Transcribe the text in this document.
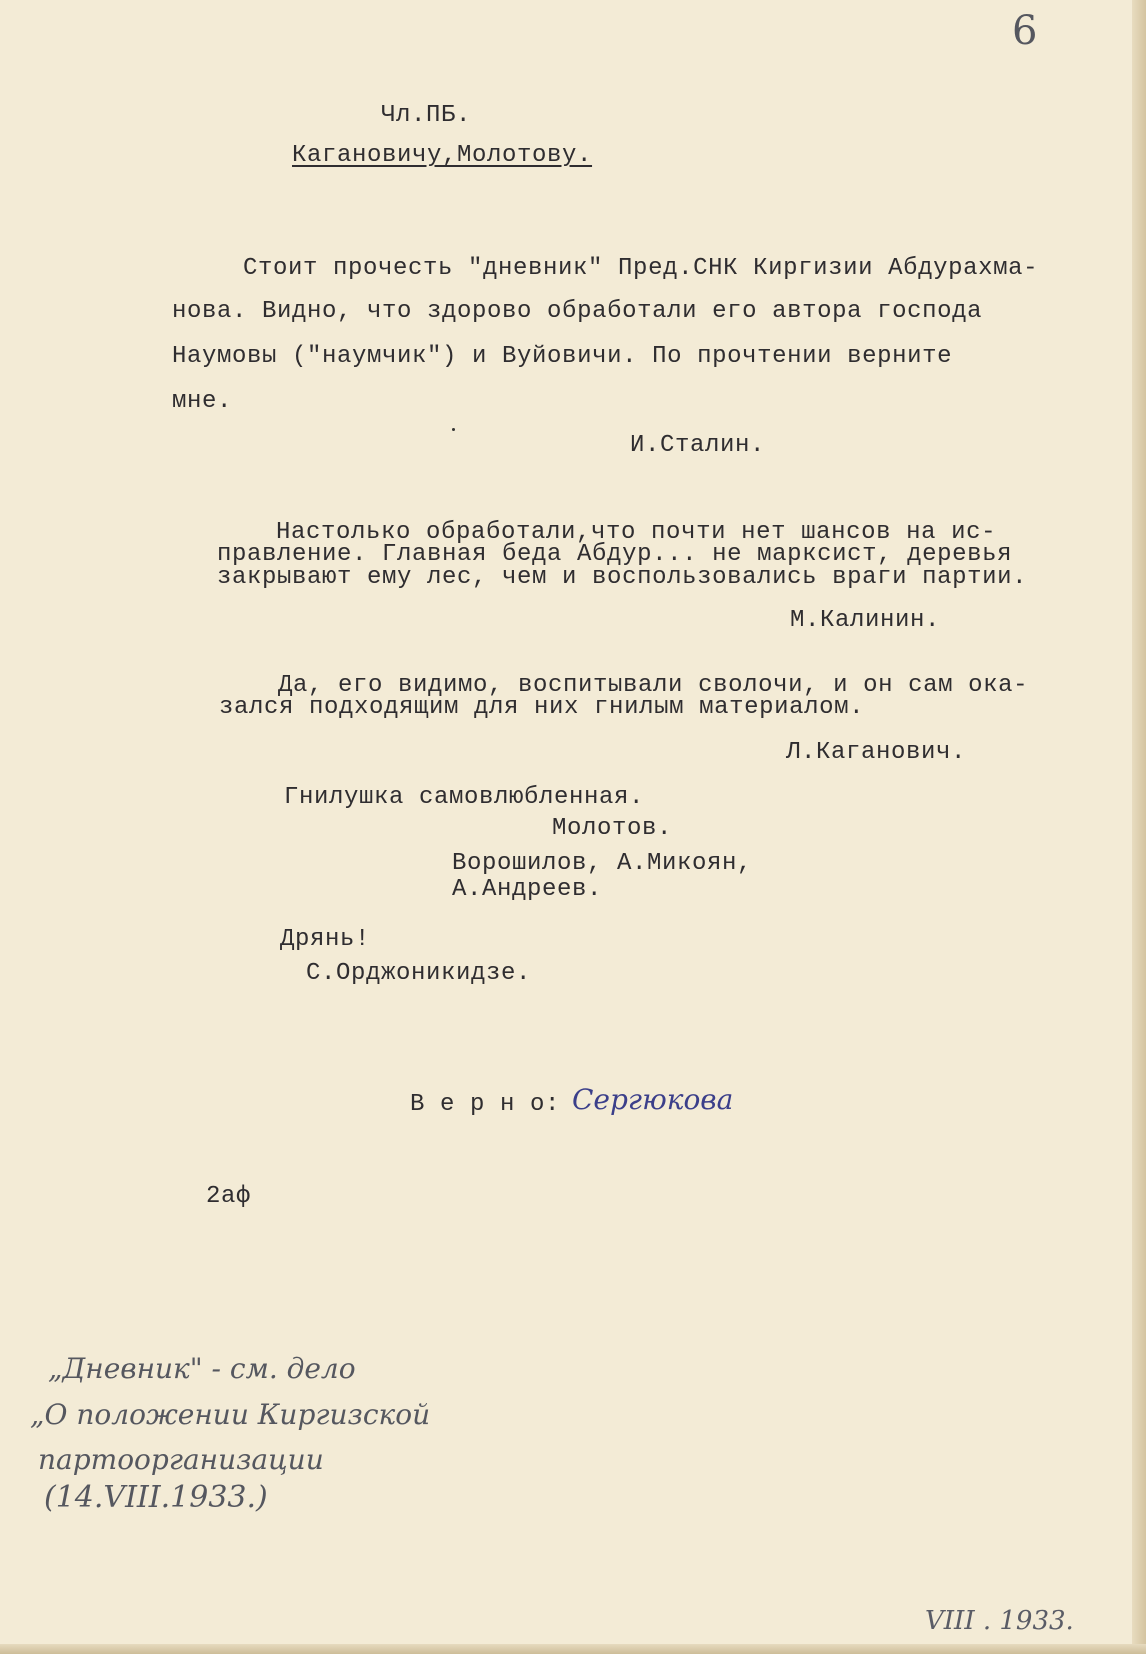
6
Чл.ПБ.
Кагановичу,Молотову.
Стоит прочесть "дневник" Пред.СНК Киргизии Абдурахма-
нова. Видно, что здорово обработали его автора господа
Наумовы ("наумчик") и Вуйовичи. По прочтении верните
мне.
И.Сталин.
Настолько обработали,что почти нет шансов на ис-
правление. Главная беда Абдур... не марксист, деревья
закрывают ему лес, чем и воспользовались враги партии.
М.Калинин.
Да, его видимо, воспитывали сволочи, и он сам ока-
зался подходящим для них гнилым материалом.
Л.Каганович.
Гнилушка самовлюбленная.
Молотов.
Ворошилов, А.Микоян,
А.Андреев.
Дрянь!
С.Орджоникидзе.
В е р н о: Сергюкова
2аф
„Дневник" - см. дело
„О положении Киргизской
партоорганизации
(14.VIII.1933.)
VIII . 1933.
